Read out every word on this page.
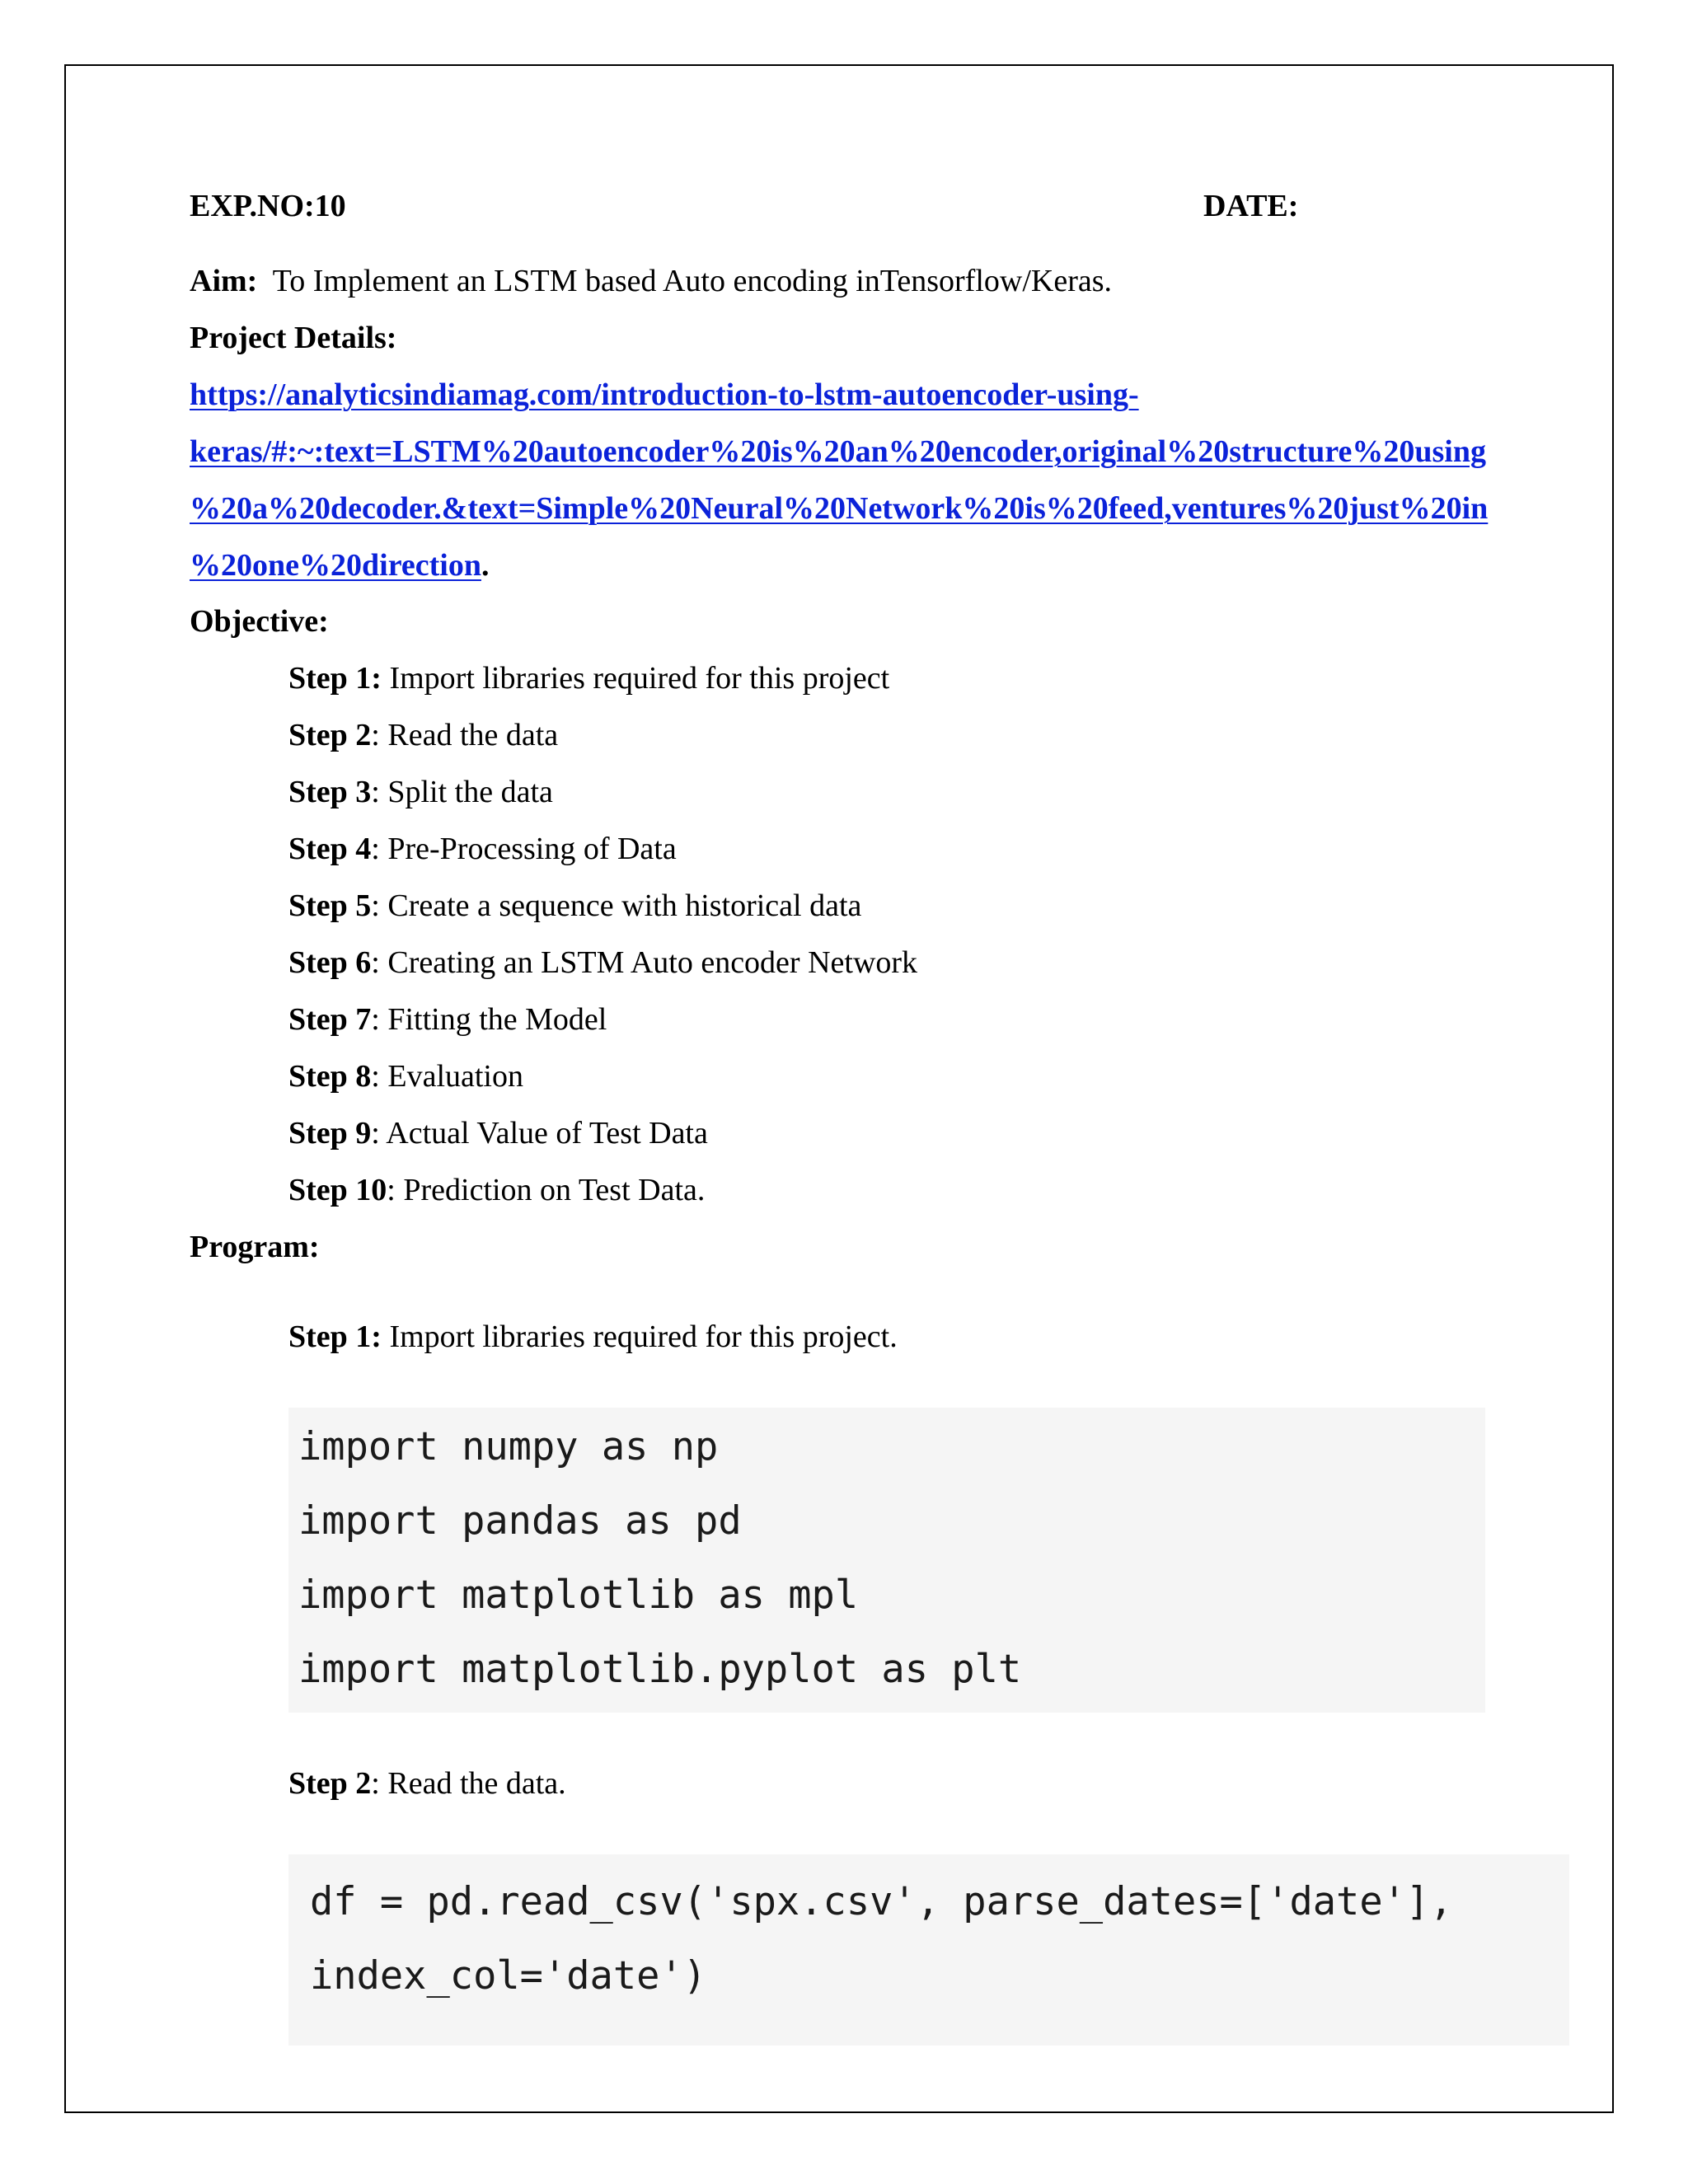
EXP.NO:10	DATE:
Aim: To Implement an LSTM based Auto encoding inTensorflow/Keras.
Project Details:
https://analyticsindiamag.com/introduction-to-lstm-autoencoder-using-
keras/#:~:text=LSTM%20autoencoder%20is%20an%20encoder,original%20structure%20using
%20a%20decoder.&text=Simple%20Neural%20Network%20is%20feed,ventures%20just%20in
%20one%20direction.
Objective:
Step 1: Import libraries required for this project
Step 2: Read the data
Step 3: Split the data
Step 4: Pre-Processing of Data
Step 5: Create a sequence with historical data
Step 6: Creating an LSTM Auto encoder Network
Step 7: Fitting the Model
Step 8: Evaluation
Step 9: Actual Value of Test Data
Step 10: Prediction on Test Data.
Program:
Step 1: Import libraries required for this project.
import numpy as np
import pandas as pd
import matplotlib as mpl
import matplotlib.pyplot as plt
Step 2: Read the data.
df = pd.read_csv('spx.csv', parse_dates=['date'],
index_col='date')
